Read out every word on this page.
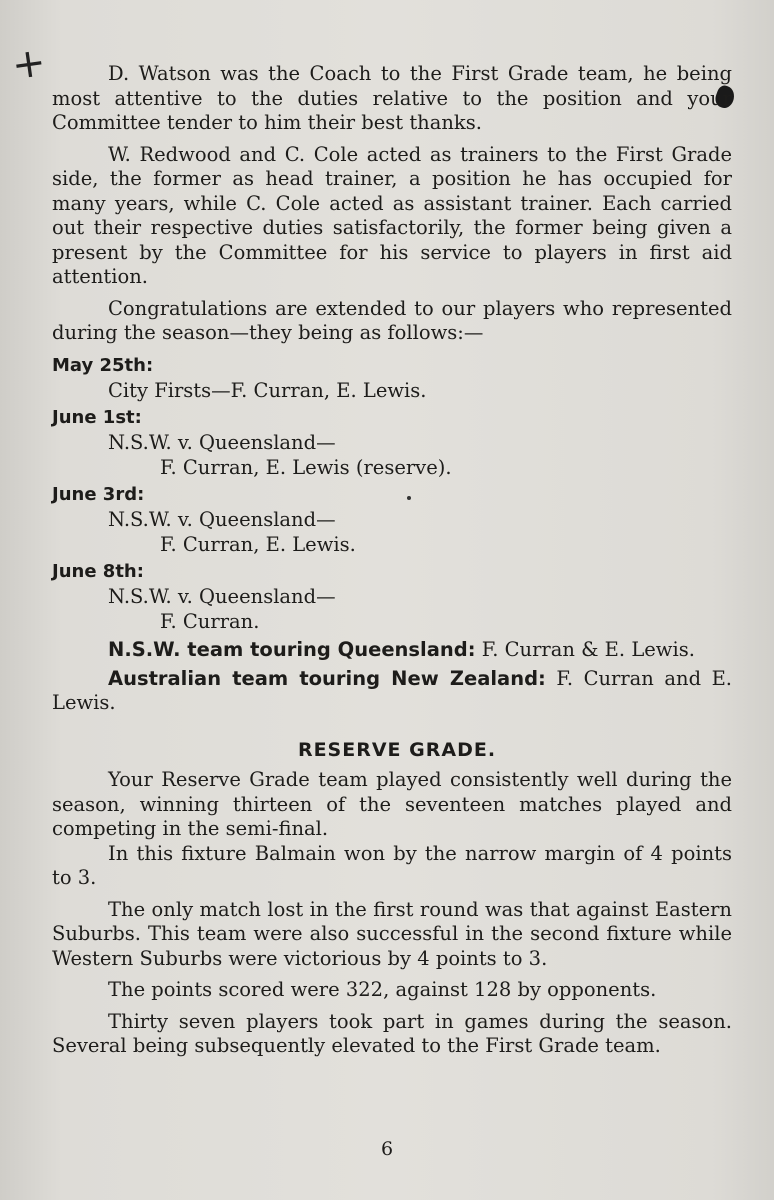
+	D. Watson was the Coach to the First Grade team, he being most attentive to the duties relative to the position and your Committee tender to him their best thanks.

W. Redwood and C. Cole acted as trainers to the First Grade side, the former as head trainer, a position he has occupied for many years, while C. Cole acted as assistant trainer. Each carried out their respective duties satisfactorily, the former being given a present by the Committee for his service to players in first aid attention.

Congratulations are extended to our players who represented during the season—they being as follows:—

May 25th:
City Firsts—F. Curran, E. Lewis.
June 1st:
N.S.W. v. Queensland—
F. Curran, E. Lewis (reserve).
June 3rd:
N.S.W. v. Queensland—
F. Curran, E. Lewis.
June 8th:
N.S.W. v. Queensland—
F. Curran.

N.S.W. team touring Queensland: F. Curran & E. Lewis.

Australian team touring New Zealand: F. Curran and E. Lewis.

RESERVE GRADE.

Your Reserve Grade team played consistently well during the season, winning thirteen of the seventeen matches played and competing in the semi-final.

In this fixture Balmain won by the narrow margin of 4 points to 3.

The only match lost in the first round was that against Eastern Suburbs. This team were also successful in the second fixture while Western Suburbs were victorious by 4 points to 3.

The points scored were 322, against 128 by opponents.

Thirty seven players took part in games during the season. Several being subsequently elevated to the First Grade team.

6
